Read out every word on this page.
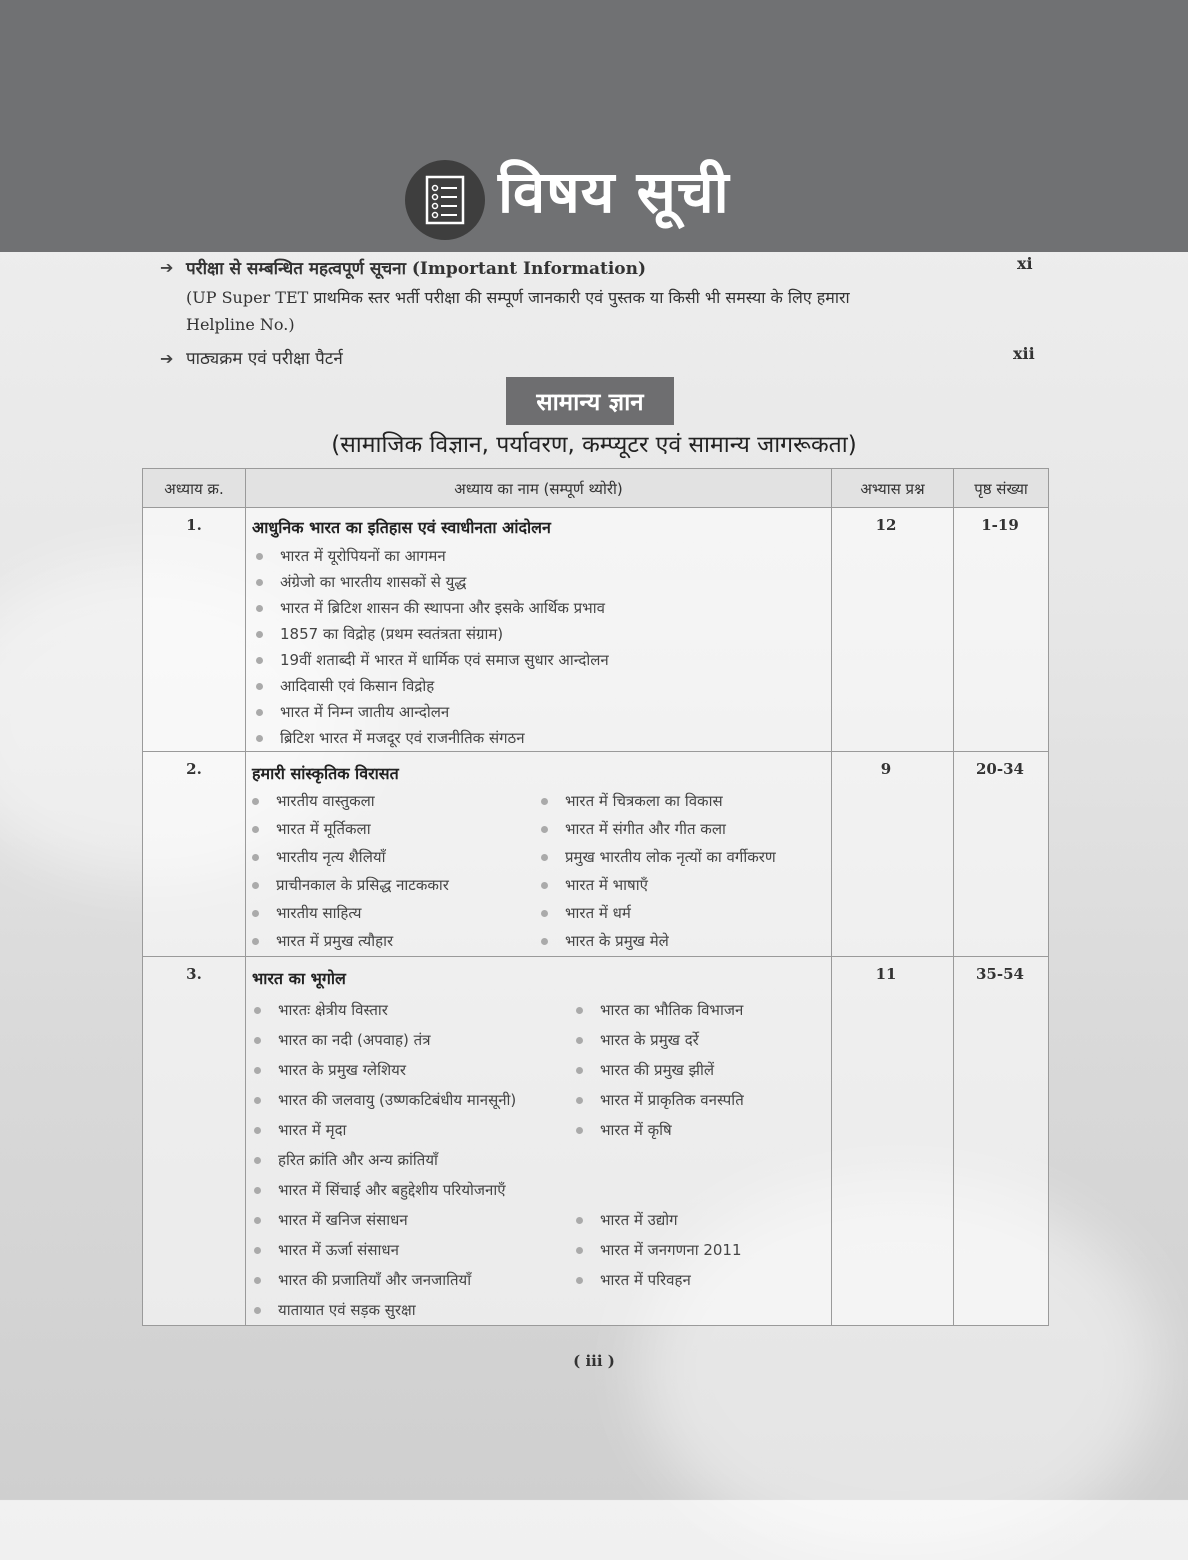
विषय सूची
➔ परीक्षा से सम्बन्धित महत्वपूर्ण सूचना (Important Information)	xi
(UP Super TET प्राथमिक स्तर भर्ती परीक्षा की सम्पूर्ण जानकारी एवं पुस्तक या किसी भी समस्या के लिए हमारा
Helpline No.)
➔ पाठ्यक्रम एवं परीक्षा पैटर्न	xii
सामान्य ज्ञान
(सामाजिक विज्ञान, पर्यावरण, कम्प्यूटर एवं सामान्य जागरूकता)
अध्याय क्र.	अध्याय का नाम (सम्पूर्ण थ्योरी)	अभ्यास प्रश्न	पृष्ठ संख्या
1.	आधुनिक भारत का इतिहास एवं स्वाधीनता आंदोलन	12	1-19
भारत में यूरोपियनों का आगमन
अंग्रेजो का भारतीय शासकों से युद्ध
भारत में ब्रिटिश शासन की स्थापना और इसके आर्थिक प्रभाव
1857 का विद्रोह (प्रथम स्वतंत्रता संग्राम)
19वीं शताब्दी में भारत में धार्मिक एवं समाज सुधार आन्दोलन
आदिवासी एवं किसान विद्रोह
भारत में निम्न जातीय आन्दोलन
ब्रिटिश भारत में मजदूर एवं राजनीतिक संगठन
2.	हमारी सांस्कृतिक विरासत	9	20-34
भारतीय वास्तुकला
भारत में मूर्तिकला
भारतीय नृत्य शैलियाँ
प्राचीनकाल के प्रसिद्ध नाटककार
भारतीय साहित्य
भारत में प्रमुख त्यौहार
भारत में चित्रकला का विकास
भारत में संगीत और गीत कला
प्रमुख भारतीय लोक नृत्यों का वर्गीकरण
भारत में भाषाएँ
भारत में धर्म
भारत के प्रमुख मेले
3.	भारत का भूगोल	11	35-54
भारतः क्षेत्रीय विस्तार
भारत का नदी (अपवाह) तंत्र
भारत के प्रमुख ग्लेशियर
भारत की जलवायु (उष्णकटिबंधीय मानसूनी)
भारत में मृदा
हरित क्रांति और अन्य क्रांतियाँ
भारत में सिंचाई और बहुद्देशीय परियोजनाएँ
भारत में खनिज संसाधन
भारत में ऊर्जा संसाधन
भारत की प्रजातियाँ और जनजातियाँ
यातायात एवं सड़क सुरक्षा
भारत का भौतिक विभाजन
भारत के प्रमुख दर्रे
भारत की प्रमुख झीलें
भारत में प्राकृतिक वनस्पति
भारत में कृषि
भारत में उद्योग
भारत में जनगणना 2011
भारत में परिवहन
( iii )
